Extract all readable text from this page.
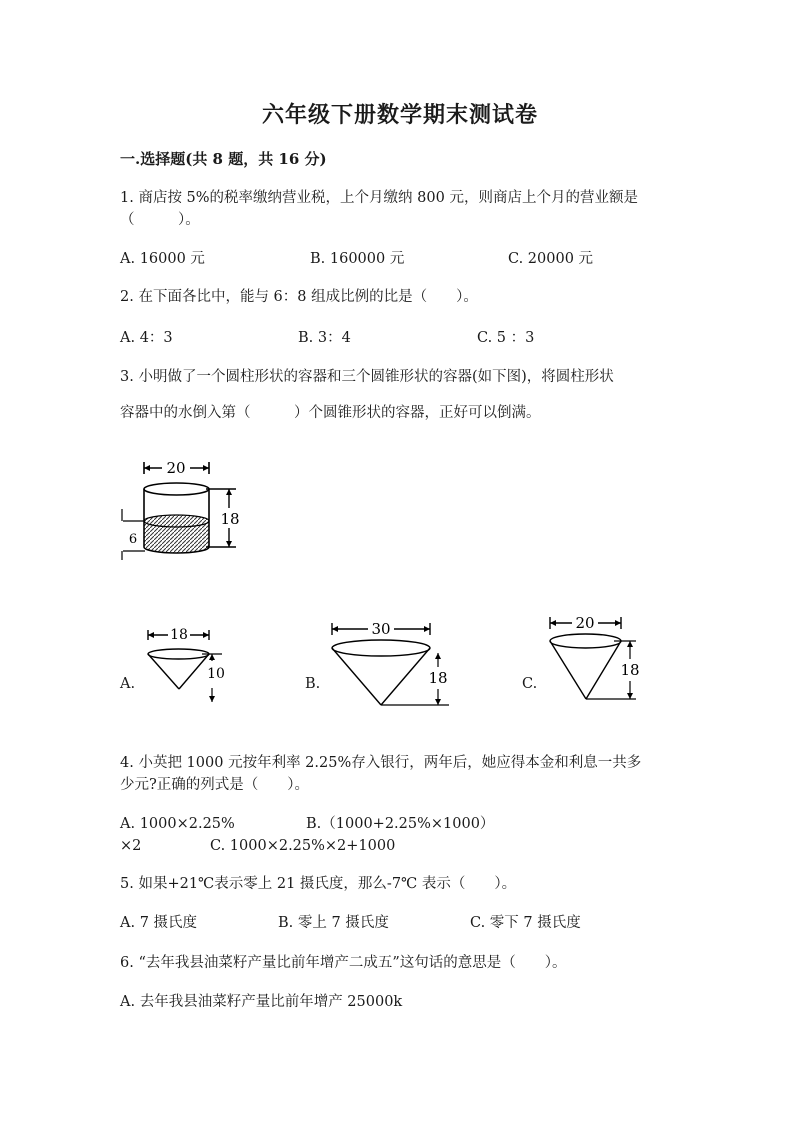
六年级下册数学期末测试卷
一.选择题(共 8 题，共 16 分)
1. 商店按 5%的税率缴纳营业税，上个月缴纳 800 元，则商店上个月的营业额是
（　　　）。
A. 16000 元	B. 160000 元	C. 20000 元
2. 在下面各比中，能与 6：8 组成比例的比是（　　）。
A. 4：3	B. 3：4	C. 5 ：3
3. 小明做了一个圆柱形状的容器和三个圆锥形状的容器(如下图)，将圆柱形状
容器中的水倒入第（　　　）个圆锥形状的容器，正好可以倒满。
20
18
6
A.
18
10
B.
30
18	C.
20
18
4. 小英把 1000 元按年利率 2.25%存入银行，两年后，她应得本金和利息一共多
少元?正确的列式是（　　）。
A. 1000×2.25%	B.（1000+2.25%×1000）
×2	C. 1000×2.25%×2+1000
5. 如果+21℃表示零上 21 摄氏度，那么-7℃ 表示（　　）。
A. 7 摄氏度	B. 零上 7 摄氏度	C. 零下 7 摄氏度
6. “去年我县油菜籽产量比前年增产二成五”这句话的意思是（　　）。
A. 去年我县油菜籽产量比前年增产 25000k
